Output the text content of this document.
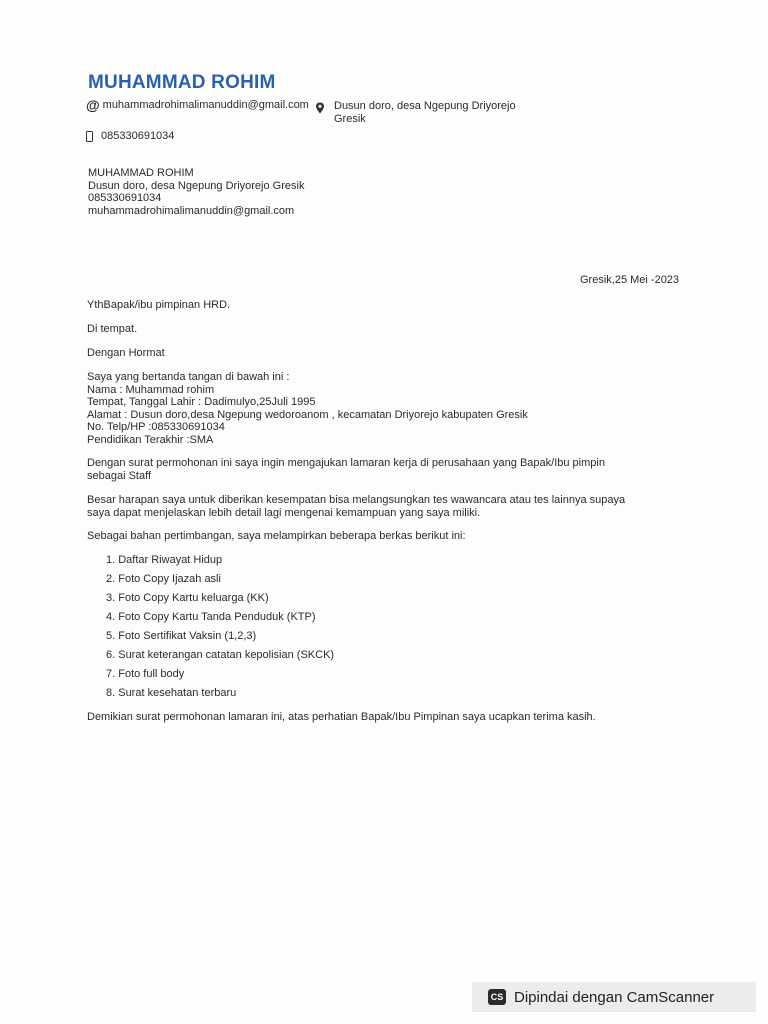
MUHAMMAD ROHIM
@ muhammadrohimalimanuddin@gmail.com	Dusun doro, desa Ngepung Driyorejo
Gresik
085330691034
MUHAMMAD ROHIM
Dusun doro, desa Ngepung Driyorejo Gresik
085330691034
muhammadrohimalimanuddin@gmail.com
Gresik,25 Mei -2023
YthBapak/ibu pimpinan HRD.
Di tempat.
Dengan Hormat
Saya yang bertanda tangan di bawah ini :
Nama : Muhammad rohim
Tempat, Tanggal Lahir : Dadimulyo,25Juli 1995
Alamat : Dusun doro,desa Ngepung wedoroanom , kecamatan Driyorejo kabupaten Gresik
No. Telp/HP :085330691034
Pendidikan Terakhir :SMA
Dengan surat permohonan ini saya ingin mengajukan lamaran kerja di perusahaan yang Bapak/Ibu pimpin
sebagai Staff
Besar harapan saya untuk diberikan kesempatan bisa melangsungkan tes wawancara atau tes lainnya supaya
saya dapat menjelaskan lebih detail lagi mengenai kemampuan yang saya miliki.
Sebagai bahan pertimbangan, saya melampirkan beberapa berkas berikut ini:
1. Daftar Riwayat Hidup
2. Foto Copy Ijazah asli
3. Foto Copy Kartu keluarga (KK)
4. Foto Copy Kartu Tanda Penduduk (KTP)
5. Foto Sertifikat Vaksin (1,2,3)
6. Surat keterangan catatan kepolisian (SKCK)
7. Foto full body
8. Surat kesehatan terbaru
Demikian surat permohonan lamaran ini, atas perhatian Bapak/Ibu Pimpinan saya ucapkan terima kasih.
CS Dipindai dengan CamScanner
